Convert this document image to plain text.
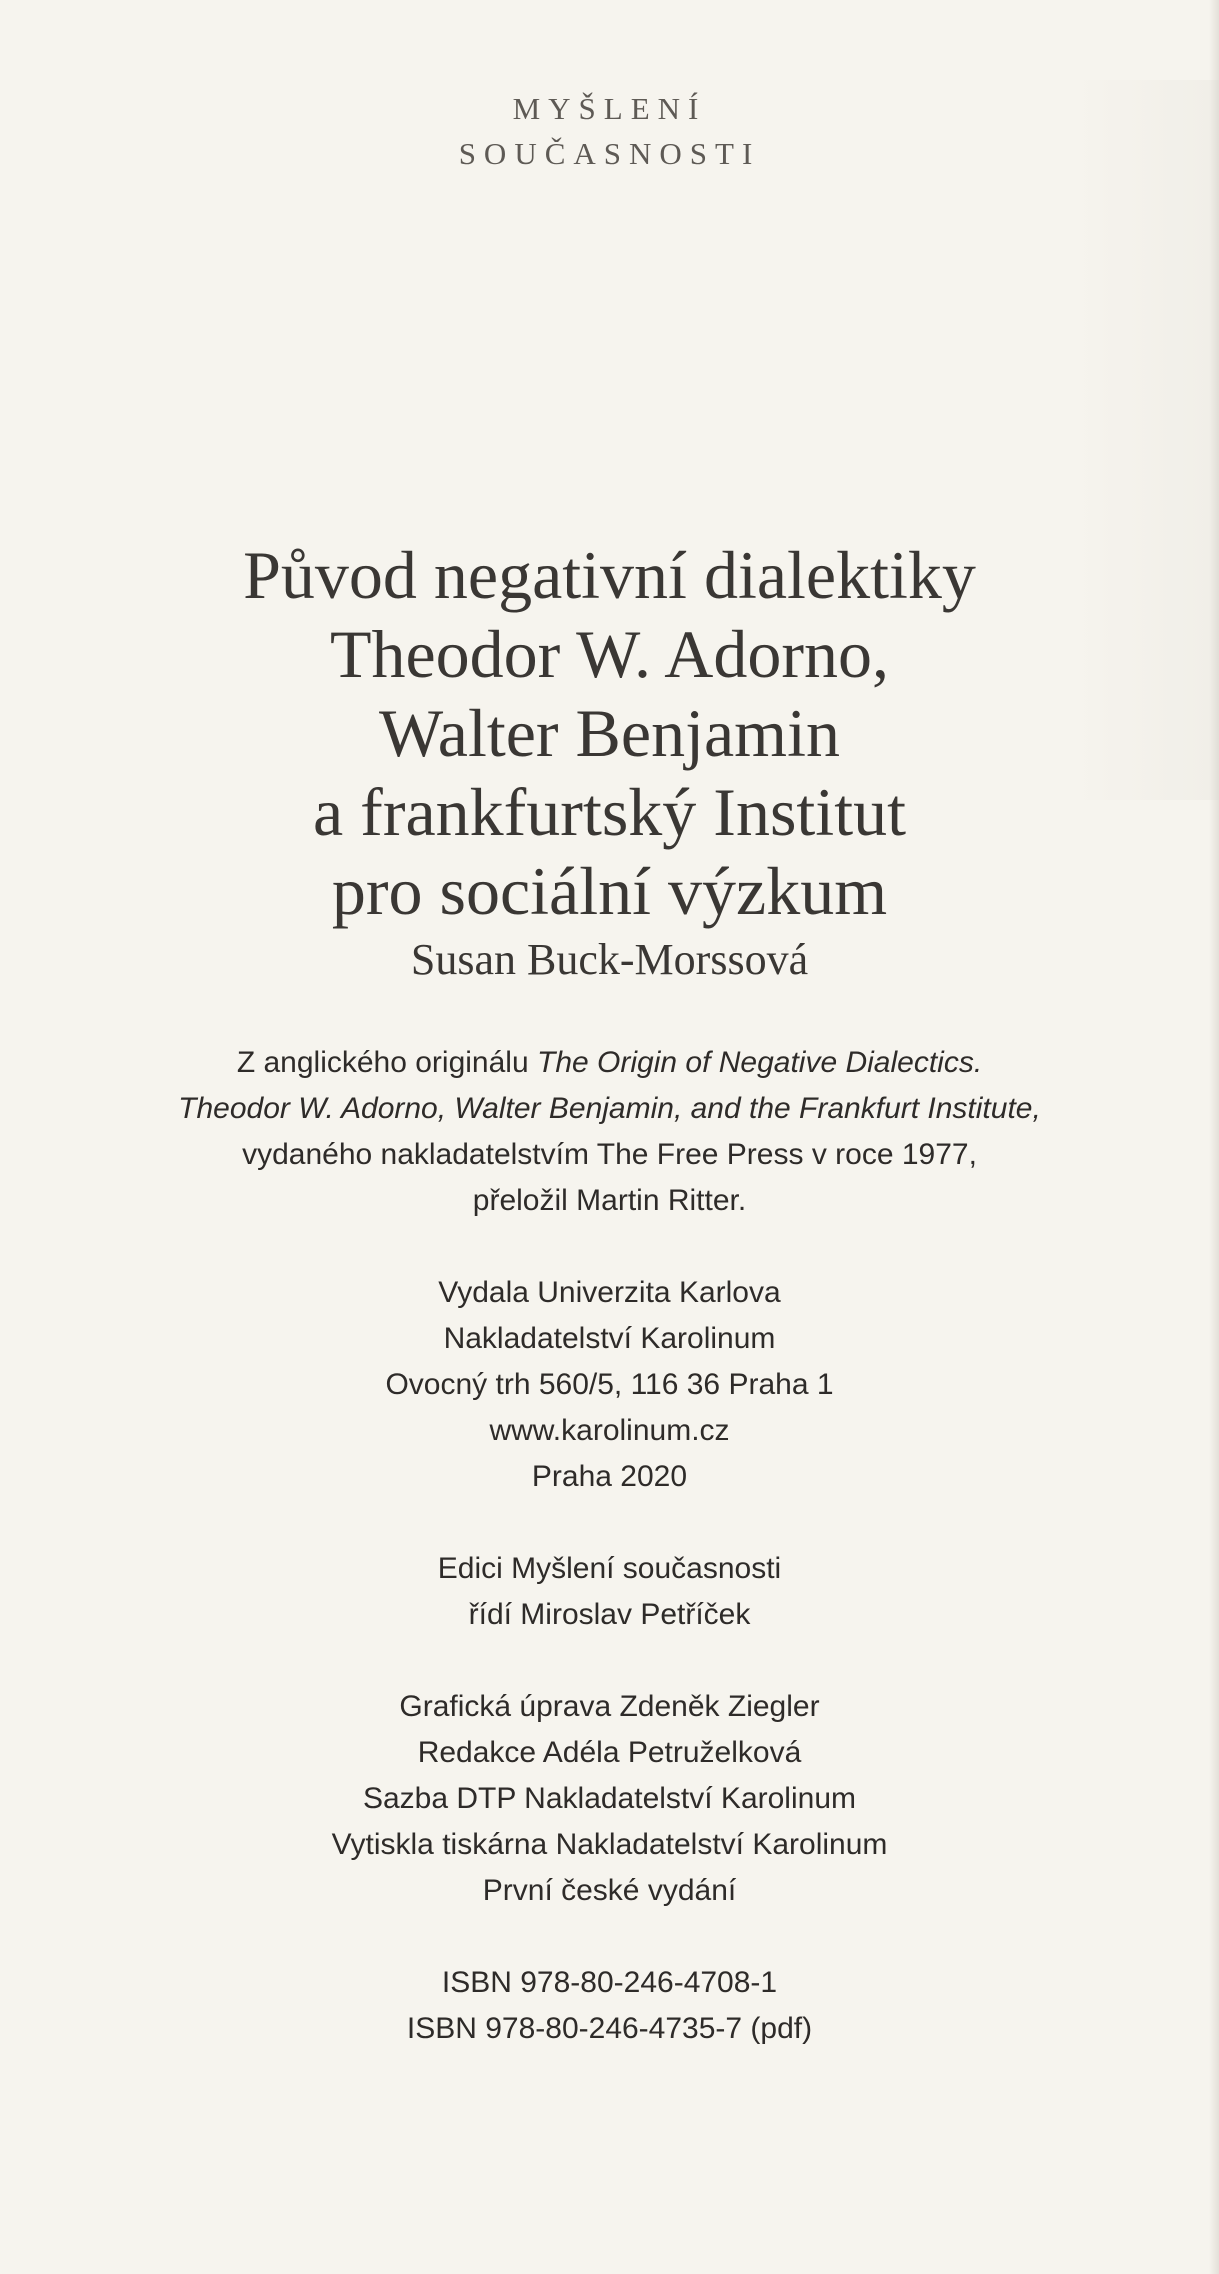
MYŠLENÍ
SOUČASNOSTI
Původ negativní dialektiky
Theodor W. Adorno,
Walter Benjamin
a frankfurtský Institut
pro sociální výzkum
Susan Buck-Morssová
Z anglického originálu The Origin of Negative Dialectics.
Theodor W. Adorno, Walter Benjamin, and the Frankfurt Institute,
vydaného nakladatelstvím The Free Press v roce 1977,
přeložil Martin Ritter.
Vydala Univerzita Karlova
Nakladatelství Karolinum
Ovocný trh 560/5, 116 36 Praha 1
www.karolinum.cz
Praha 2020
Edici Myšlení současnosti
řídí Miroslav Petříček
Grafická úprava Zdeněk Ziegler
Redakce Adéla Petruželková
Sazba DTP Nakladatelství Karolinum
Vytiskla tiskárna Nakladatelství Karolinum
První české vydání
ISBN 978-80-246-4708-1
ISBN 978-80-246-4735-7 (pdf)
